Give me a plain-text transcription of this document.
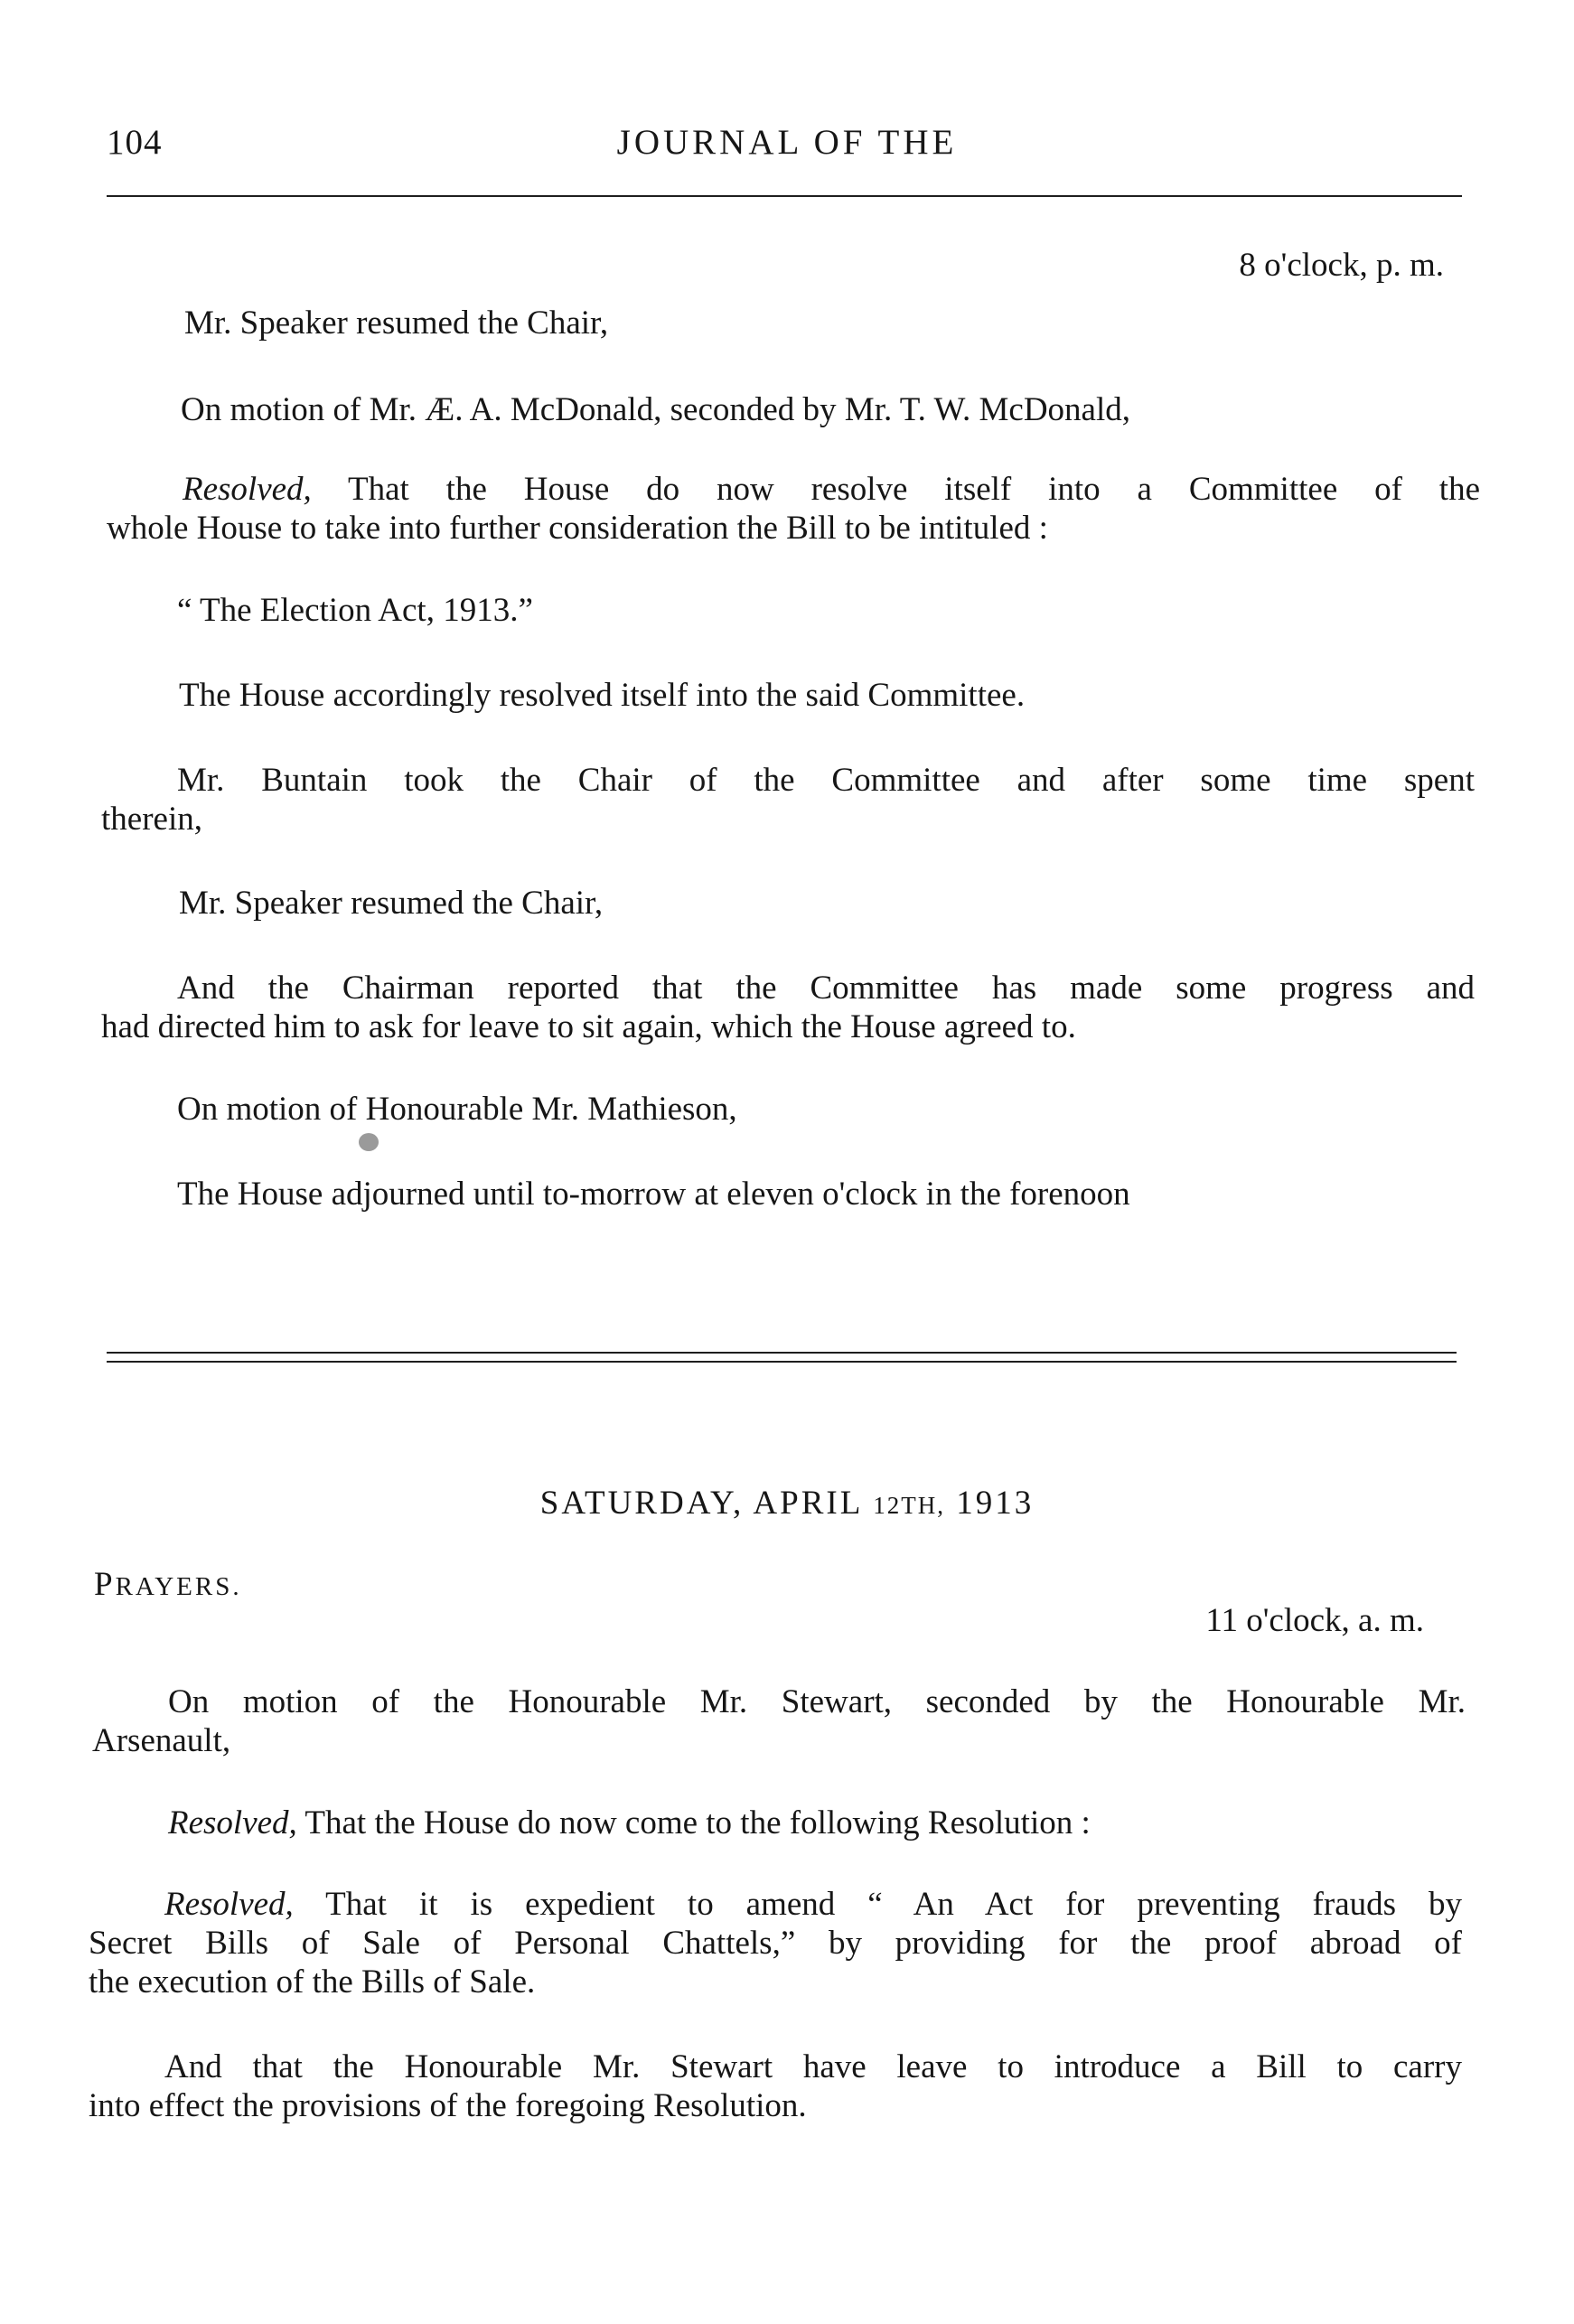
104	JOURNAL OF THE
8 o'clock, p. m.
Mr. Speaker resumed the Chair,
On motion of Mr. Æ. A. McDonald, seconded by Mr. T. W. McDonald,
Resolved, That the House do now resolve itself into a Committee of the
whole House to take into further consideration the Bill to be intituled :
“ The Election Act, 1913.”
The House accordingly resolved itself into the said Committee.
Mr. Buntain took the Chair of the Committee and after some time spent
therein,
Mr. Speaker resumed the Chair,
And the Chairman reported that the Committee has made some progress and
had directed him to ask for leave to sit again, which the House agreed to.
On motion of Honourable Mr. Mathieson,
The House adjourned until to-morrow at eleven o'clock in the forenoon
SATURDAY, APRIL 12TH, 1913
PRAYERS.
11 o'clock, a. m.
On motion of the Honourable Mr. Stewart, seconded by the Honourable Mr.
Arsenault,
Resolved, That the House do now come to the following Resolution :
Resolved, That it is expedient to amend “ An Act for preventing frauds by
Secret Bills of Sale of Personal Chattels,” by providing for the proof abroad of
the execution of the Bills of Sale.
And that the Honourable Mr. Stewart have leave to introduce a Bill to carry
into effect the provisions of the foregoing Resolution.
